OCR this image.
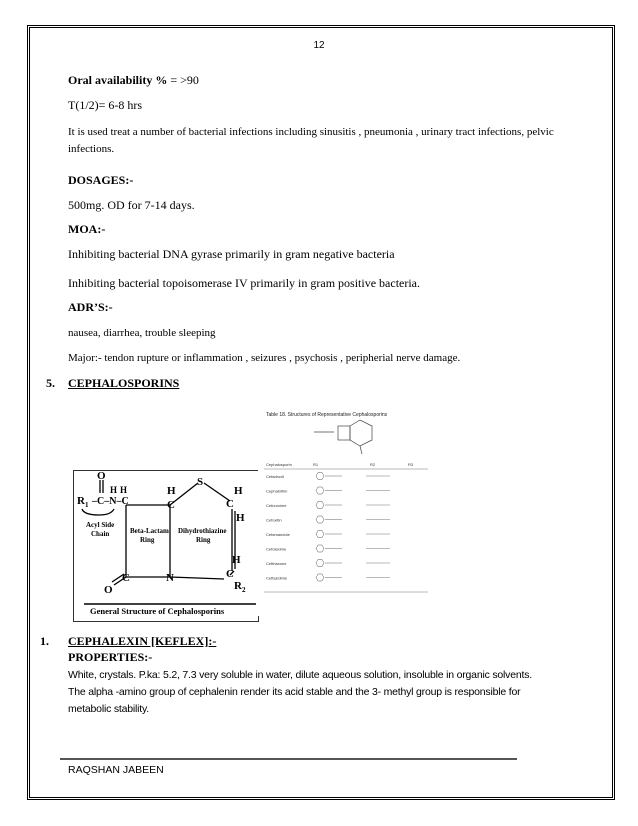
12
Oral availability % = >90
T(1/2)= 6-8 hrs
It is used treat a number of bacterial infections including sinusitis , pneumonia , urinary tract infections, pelvic infections.
DOSAGES:-
500mg. OD for 7-14 days.
MOA:-
Inhibiting bacterial DNA gyrase primarily in gram negative bacteria
Inhibiting bacterial topoisomerase IV primarily in gram positive bacteria.
ADR’S:-
nausea, diarrhea, trouble sleeping
Major:- tendon rupture or inflammation , seizures , psychosis , peripherial nerve damage.
5. CEPHALOSPORINS
O
$R_1$ –C–N–C
H H	H
C
S
H
C
H
N
C
O
C
H
$R_2$
Acyl Side
Chain	Beta-Lactam
Ring
Dihydrothiazine
Ring
General Structure of Cephalosporins
Table 18. Structures of Representative Cephalosporins
Cephalosporin	R1	R2	R3
Cefadroxil
Cephalothin
Cefuroxime
Cefoxitin
Cefamandole
Cefotaxime
Ceftriaxone
Ceftazidime
1. CEPHALEXIN [KEFLEX]:-
PROPERTIES:-
White, crystals. P.ka: 5.2, 7.3 very soluble in water, dilute aqueous solution, insoluble in organic solvents.
The alpha -amino group of cephalenin render its acid stable and the 3- methyl group is responsible for
metabolic stability.
RAQSHAN JABEEN
